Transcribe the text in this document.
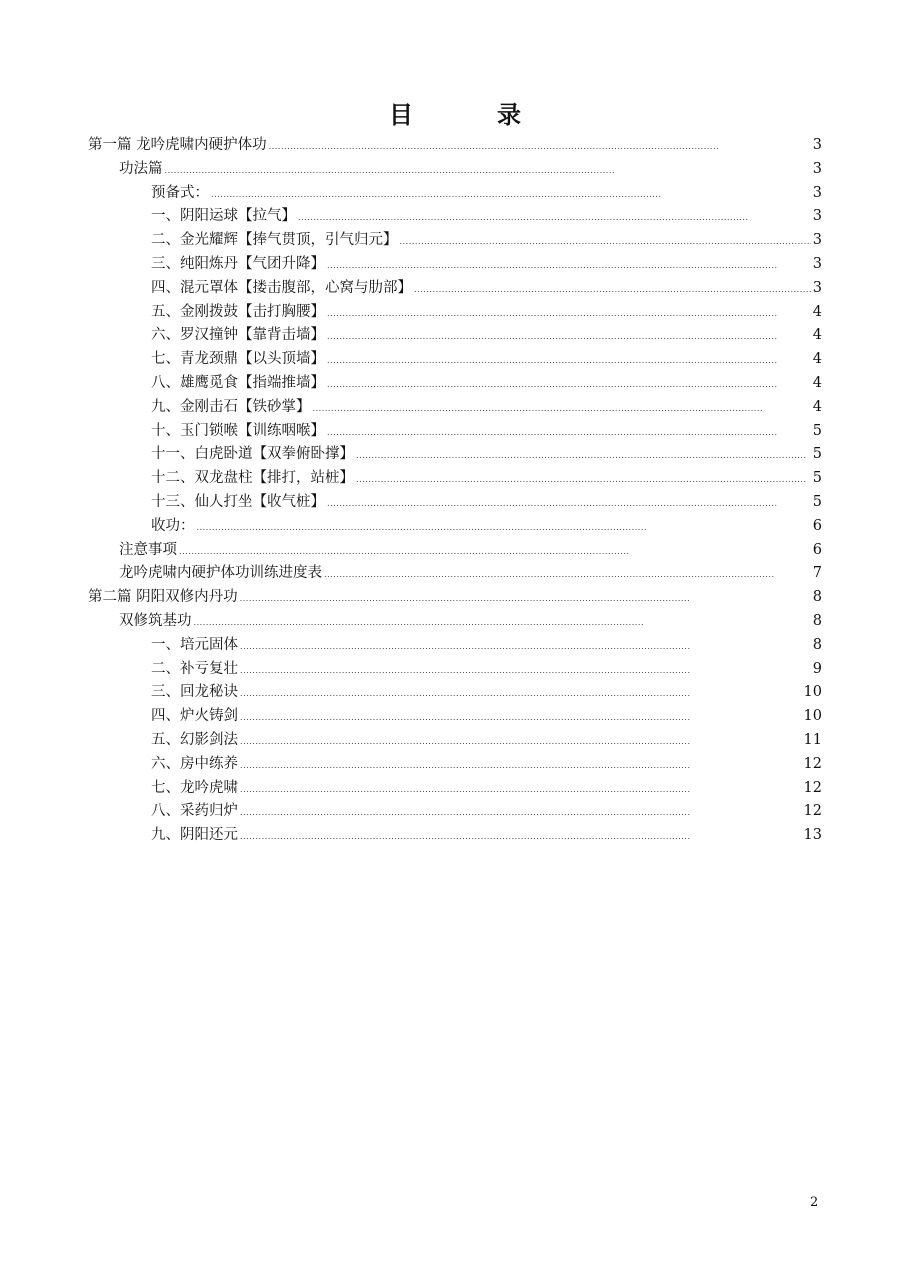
目　录
第一篇 龙吟虎啸内硬护体功 . . .	3
功法篇 . . .	3
预备式： . . .	3
一、阴阳运球【拉气】 . . .	3
二、金光耀辉【捧气贯顶，引气归元】 . . .	3
三、纯阳炼丹【气团升降】 . . .	3
四、混元罩体【搂击腹部，心窝与肋部】 . . .	3
五、金刚拨鼓【击打胸腰】 . . .	4
六、罗汉撞钟【靠背击墙】 . . .	4
七、青龙颈鼎【以头顶墙】 . . .	4
八、雄鹰觅食【指端推墙】 . . .	4
九、金刚击石【铁砂掌】 . . .	4
十、玉门锁喉【训练咽喉】 . . .	5
十一、白虎卧道【双拳俯卧撑】 . . .	5
十二、双龙盘柱【排打，站桩】 . . .	5
十三、仙人打坐【收气桩】 . . .	5
收功： . . .	6
注意事项 . . .	6
龙吟虎啸内硬护体功训练进度表 . . .	7
第二篇 阴阳双修内丹功 . . .	8
双修筑基功 . . .	8
一、培元固体 . . .	8
二、补亏复壮 . . .	9
三、回龙秘诀 . . .	10
四、炉火铸剑 . . .	10
五、幻影剑法 . . .	11
六、房中练养 . . .	12
七、龙吟虎啸 . . .	12
八、采药归炉 . . .	12
九、阴阳还元 . . .	13
2
